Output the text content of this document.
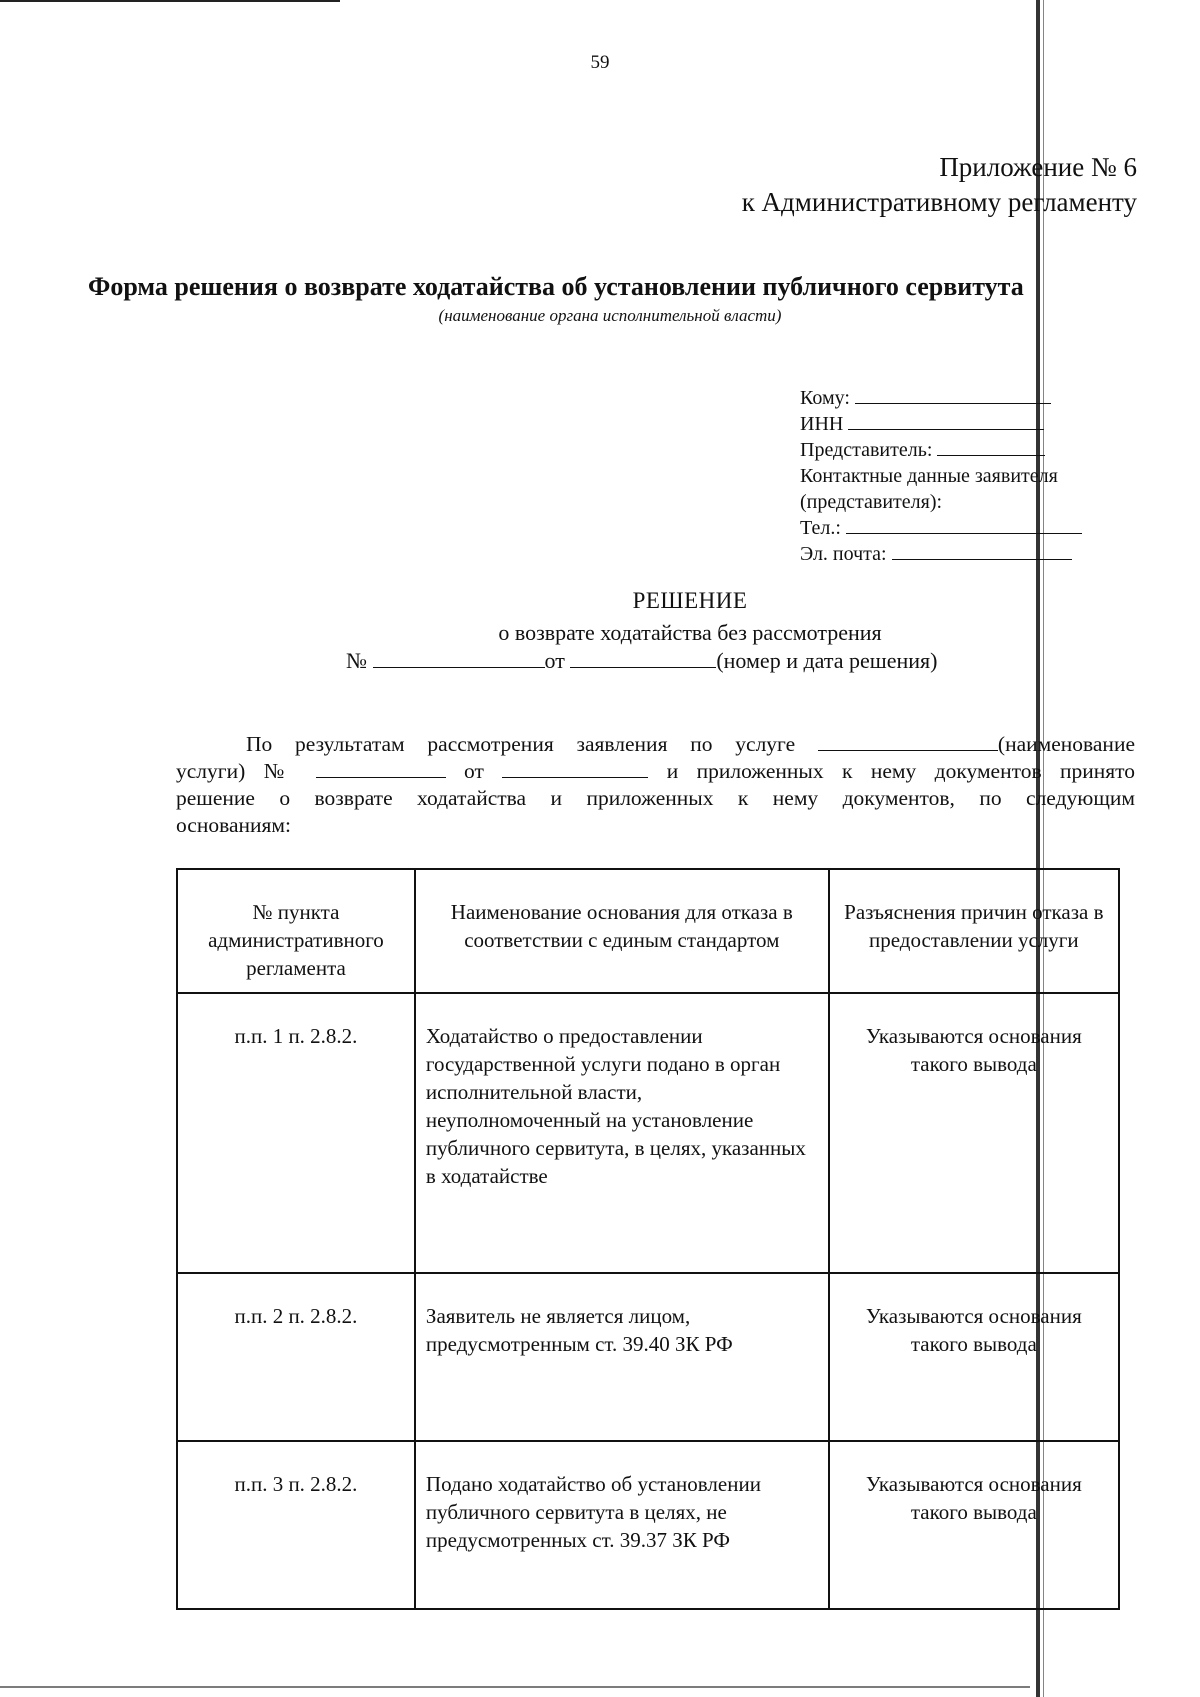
59
Приложение № 6
к Административному регламенту
Форма решения о возврате ходатайства об установлении публичного сервитута
(наименование органа исполнительной власти)
Кому:
ИНН
Представитель:
Контактные данные заявителя
(представителя):
Тел.:
Эл. почта:
РЕШЕНИЕ
о возврате ходатайства без рассмотрения
№	от	(номер и дата решения)

По результатам рассмотрения заявления по услуге	(наименование

услуги) №	от	и приложенных к нему документов принято

решение о возврате ходатайства и приложенных к нему документов, по следующим

основаниям:

№ пункта административного регламента	Наименование основания для отказа в соответствии с единым стандартом	Разъяснения причин отказа в предоставлении услуги
п.п. 1 п. 2.8.2.	Ходатайство о предоставлении государственной услуги подано в орган исполнительной власти, неуполномоченный на установление публичного сервитута, в целях, указанных в ходатайстве	Указываются основания такого вывода
п.п. 2 п. 2.8.2.	Заявитель не является лицом, предусмотренным ст. 39.40 ЗК РФ	Указываются основания такого вывода
п.п. 3 п. 2.8.2.	Подано ходатайство об установлении публичного сервитута в целях, не предусмотренных ст. 39.37 ЗК РФ	Указываются основания такого вывода
